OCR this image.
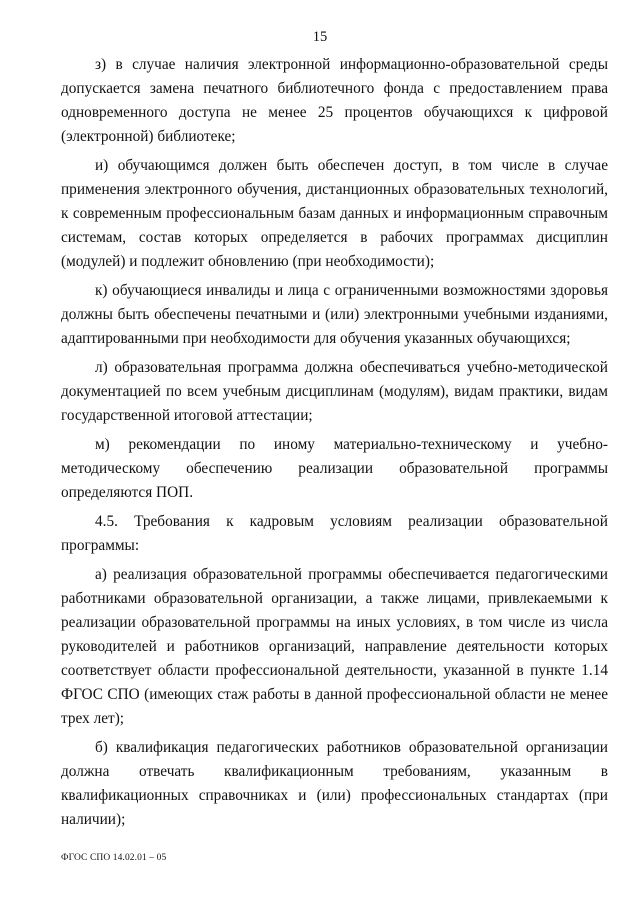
15

з) в случае наличия электронной информационно-образовательной среды допускается замена печатного библиотечного фонда с предоставлением права одновременного доступа не менее 25 процентов обучающихся к цифровой (электронной) библиотеке;

и) обучающимся должен быть обеспечен доступ, в том числе в случае применения электронного обучения, дистанционных образовательных технологий, к современным профессиональным базам данных и информационным справочным системам, состав которых определяется в рабочих программах дисциплин (модулей) и подлежит обновлению (при необходимости);

к) обучающиеся инвалиды и лица с ограниченными возможностями здоровья должны быть обеспечены печатными и (или) электронными учебными изданиями, адаптированными при необходимости для обучения указанных обучающихся;

л) образовательная программа должна обеспечиваться учебно-методической документацией по всем учебным дисциплинам (модулям), видам практики, видам государственной итоговой аттестации;

м) рекомендации по иному материально-техническому и учебно-методическому обеспечению реализации образовательной программы определяются ПОП.

4.5. Требования к кадровым условиям реализации образовательной программы:

а) реализация образовательной программы обеспечивается педагогическими работниками образовательной организации, а также лицами, привлекаемыми к реализации образовательной программы на иных условиях, в том числе из числа руководителей и работников организаций, направление деятельности которых соответствует области профессиональной деятельности, указанной в пункте 1.14 ФГОС СПО (имеющих стаж работы в данной профессиональной области не менее трех лет);

б) квалификация педагогических работников образовательной организации должна отвечать квалификационным требованиям, указанным в квалификационных справочниках и (или) профессиональных стандартах (при наличии);

ФГОС СПО 14.02.01 – 05
